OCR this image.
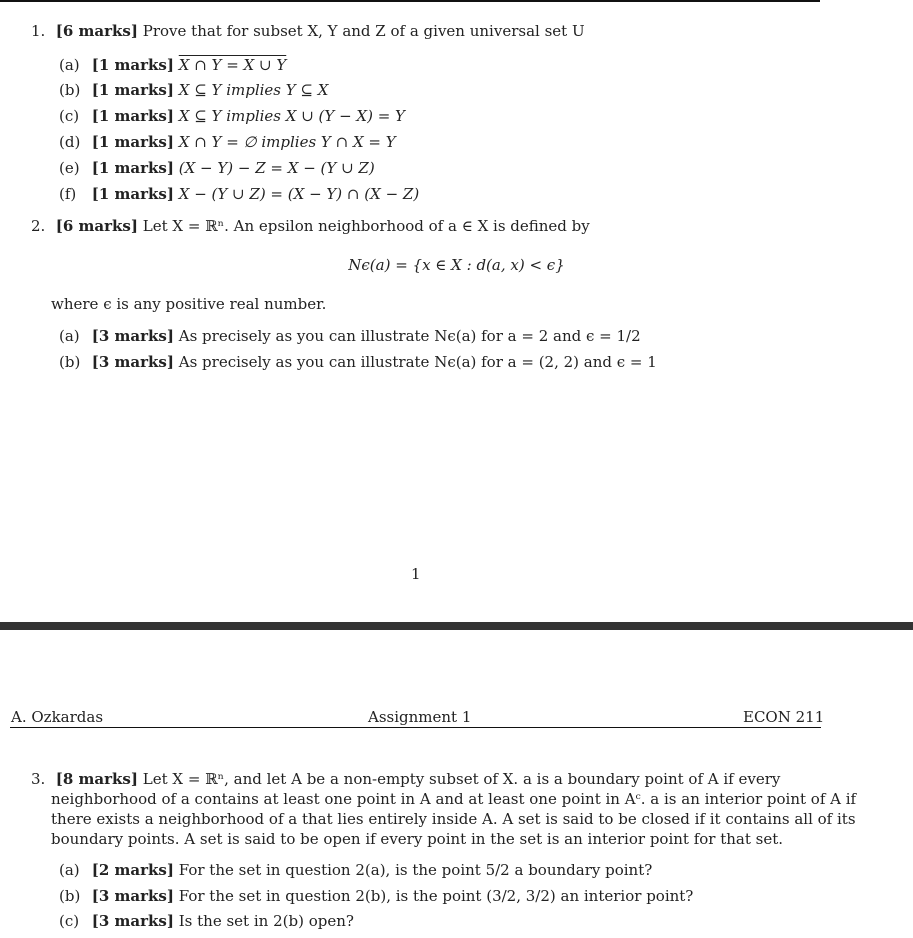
1. [6 marks] Prove that for subset X, Y and Z of a given universal set U
(a) [1 marks] X ∩ Y = X ∪ Y
(b) [1 marks] X ⊆ Y implies Y ⊆ X
(c) [1 marks] X ⊆ Y implies X ∪ (Y − X) = Y
(d) [1 marks] X ∩ Y = ∅ implies Y ∩ X = Y
(e) [1 marks] (X − Y) − Z = X − (Y ∪ Z)
(f) [1 marks] X − (Y ∪ Z) = (X − Y) ∩ (X − Z)
2. [6 marks] Let X = ℝⁿ. An epsilon neighborhood of a ∈ X is defined by
Nϵ(a) = {x ∈ X : d(a, x) < ϵ}
where ϵ is any positive real number.
(a) [3 marks] As precisely as you can illustrate Nϵ(a) for a = 2 and ϵ = 1/2
(b) [3 marks] As precisely as you can illustrate Nϵ(a) for a = (2, 2) and ϵ = 1
1
A. Ozkardas	Assignment 1	ECON 211
3. [8 marks] Let X = ℝⁿ, and let A be a non-empty subset of X. a is a boundary point of A if every
neighborhood of a contains at least one point in A and at least one point in Aᶜ. a is an interior point of A if
there exists a neighborhood of a that lies entirely inside A. A set is said to be closed if it contains all of its
boundary points. A set is said to be open if every point in the set is an interior point for that set.
(a) [2 marks] For the set in question 2(a), is the point 5/2 a boundary point?
(b) [3 marks] For the set in question 2(b), is the point (3/2, 3/2) an interior point?
(c) [3 marks] Is the set in 2(b) open?
